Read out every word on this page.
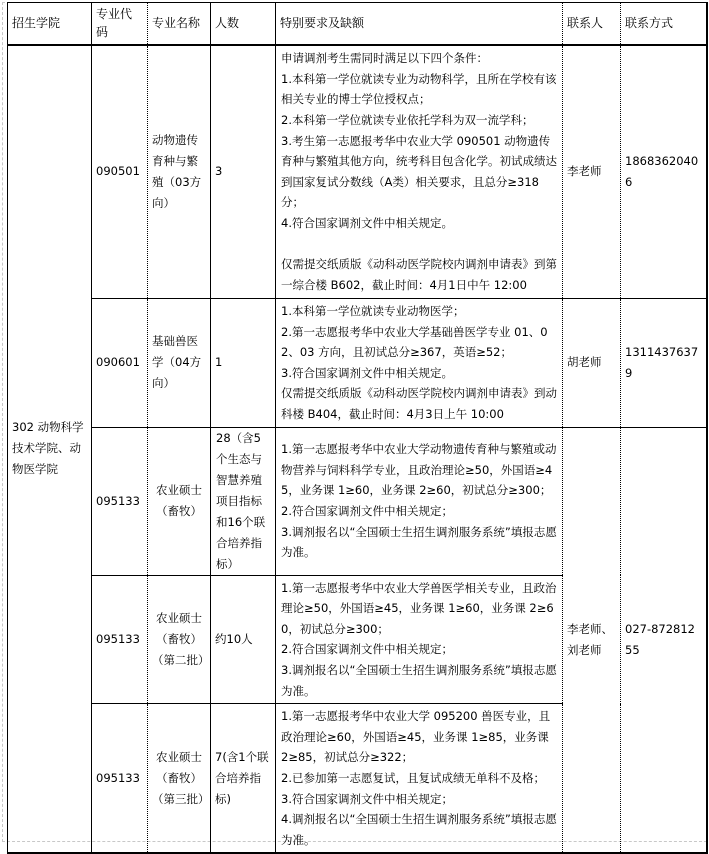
招生学院	专业代码	专业名称	人数	特别要求及缺额	联系人	联系方式
302 动物科学技术学院、动物医学院	090501	动物遗传育种与繁殖（03方向）	3	

申请调剂考生需同时满足以下四个条件：

1.本科第一学位就读专业为动物科学，且所在学校有该相关专业的博士学位授权点；

2.本科第一学位就读专业依托学科为双一流学科；

3.考生第一志愿报考华中农业大学 090501 动物遗传育种与繁殖其他方向，统考科目包含化学。初试成绩达到国家复试分数线（A类）相关要求，且总分≥318分；

4.符合国家调剂文件中相关规定。

仅需提交纸质版《动科动医学院校内调剂申请表》到第一综合楼 B602，截止时间：4月1日中午 12:00

	李老师	18683620406
	090601	基础兽医学（04方向）	1	1.本科第一学位就读专业动物医学；

2.第一志愿报考华中农业大学基础兽医学专业 01、02、03 方向，且初试总分≥367，英语≥52；

3.符合国家调剂文件中相关规定。

仅需提交纸质版《动科动医学院校内调剂申请表》到动科楼 B404，截止时间：4月3日上午 10:00	胡老师	13114376379
	095133	农业硕士（畜牧）	28（含5个生态与智慧养殖项目指标和16个联合培养指标）	1.第一志愿报考华中农业大学动物遗传育种与繁殖或动物营养与饲料科学专业，且政治理论≥50，外国语≥45，业务课 1≥60，业务课 2≥60，初试总分≥300；

2.符合国家调剂文件中相关规定；

3.调剂报名以“全国硕士生招生调剂服务系统”填报志愿为准。	李老师、刘老师	027-87281255
	095133	农业硕士（畜牧）（第二批）	约10人	1.第一志愿报考华中农业大学兽医学相关专业，且政治理论≥50，外国语≥45，业务课 1≥60，业务课 2≥60，初试总分≥300；

2.符合国家调剂文件中相关规定；

3.调剂报名以“全国硕士生招生调剂服务系统”填报志愿为准。		

	095133	农业硕士（畜牧）（第三批）	7(含1个联合培养指标)	1.第一志愿报考华中农业大学 095200 兽医专业，且政治理论≥60，外国语≥45，业务课 1≥85，业务课 2≥85，初试总分≥322；

2.已参加第一志愿复试，且复试成绩无单科不及格；

3.符合国家调剂文件中相关规定；

4.调剂报名以“全国硕士生招生调剂服务系统”填报志愿为准。		
